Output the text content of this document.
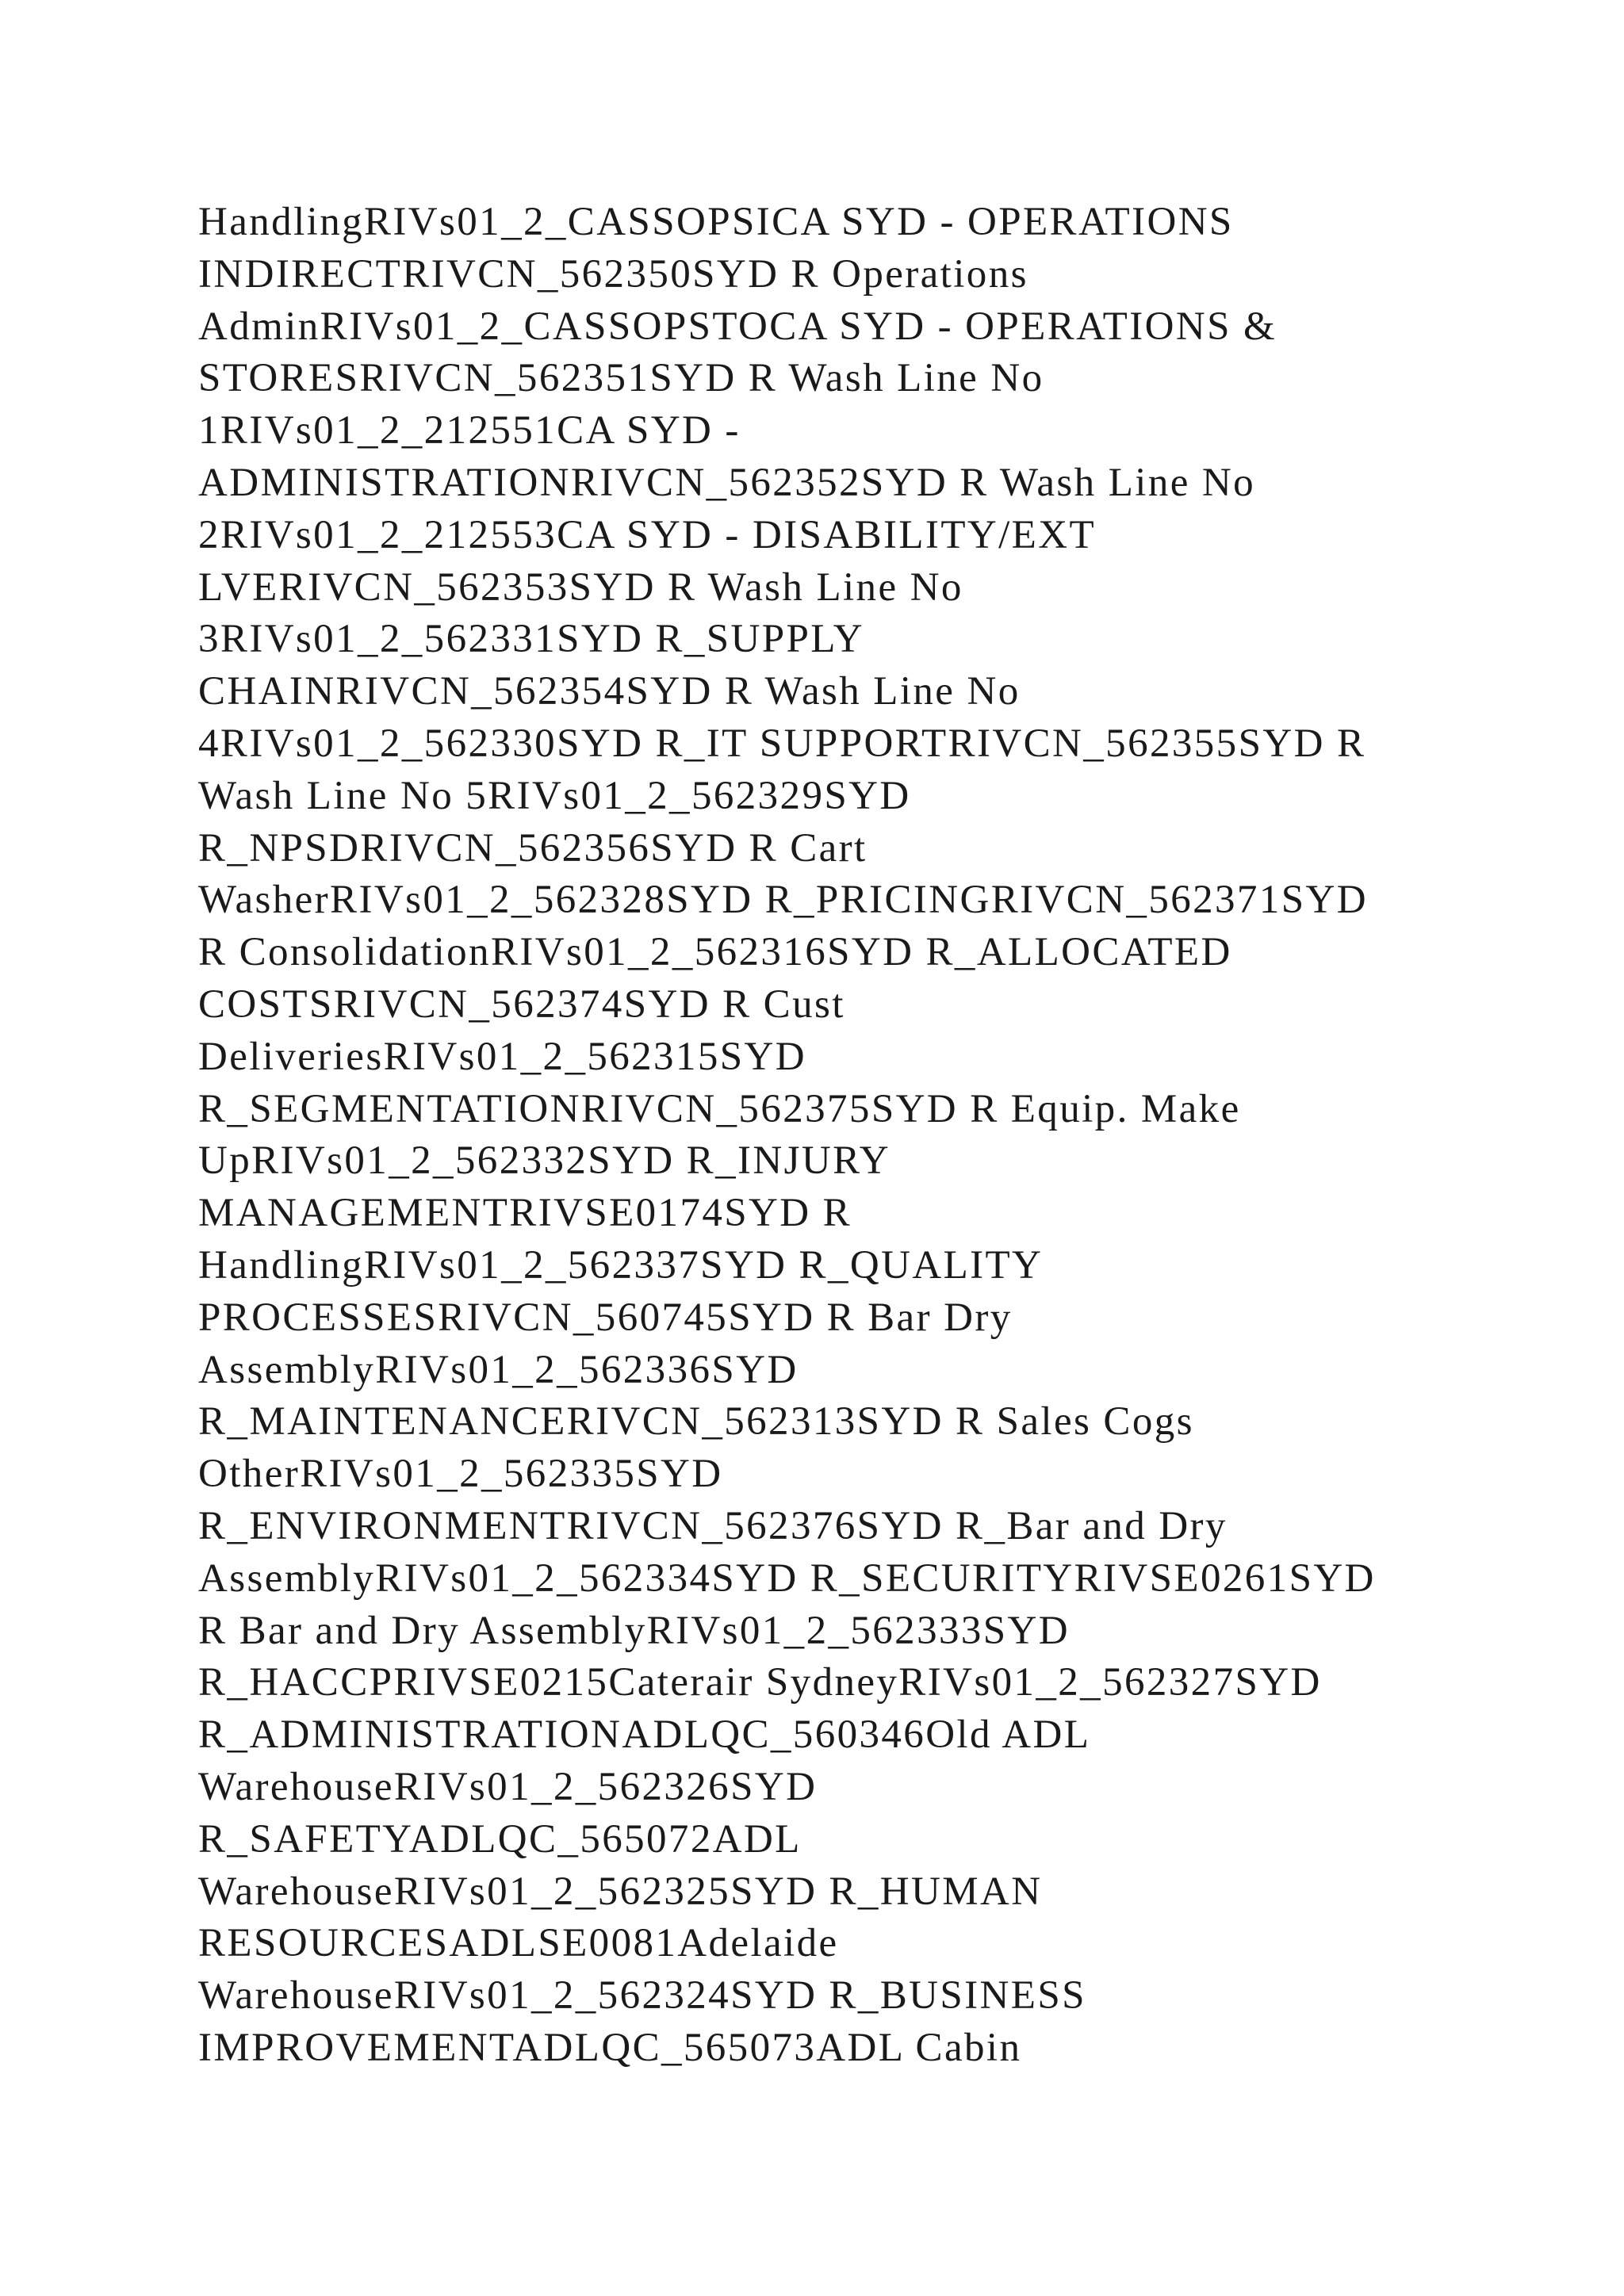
HandlingRIVs01_2_CASSOPSICA SYD - OPERATIONS
INDIRECTRIVCN_562350SYD R Operations
AdminRIVs01_2_CASSOPSTOCA SYD - OPERATIONS &
STORESRIVCN_562351SYD R Wash Line No
1RIVs01_2_212551CA SYD -
ADMINISTRATIONRIVCN_562352SYD R Wash Line No
2RIVs01_2_212553CA SYD - DISABILITY/EXT
LVERIVCN_562353SYD R Wash Line No
3RIVs01_2_562331SYD R_SUPPLY
CHAINRIVCN_562354SYD R Wash Line No
4RIVs01_2_562330SYD R_IT SUPPORTRIVCN_562355SYD R
Wash Line No 5RIVs01_2_562329SYD
R_NPSDRIVCN_562356SYD R Cart
WasherRIVs01_2_562328SYD R_PRICINGRIVCN_562371SYD
R ConsolidationRIVs01_2_562316SYD R_ALLOCATED
COSTSRIVCN_562374SYD R Cust
DeliveriesRIVs01_2_562315SYD
R_SEGMENTATIONRIVCN_562375SYD R Equip. Make
UpRIVs01_2_562332SYD R_INJURY
MANAGEMENTRIVSE0174SYD R
HandlingRIVs01_2_562337SYD R_QUALITY
PROCESSESRIVCN_560745SYD R Bar Dry
AssemblyRIVs01_2_562336SYD
R_MAINTENANCERIVCN_562313SYD R Sales Cogs
OtherRIVs01_2_562335SYD
R_ENVIRONMENTRIVCN_562376SYD R_Bar and Dry
AssemblyRIVs01_2_562334SYD R_SECURITYRIVSE0261SYD
R Bar and Dry AssemblyRIVs01_2_562333SYD
R_HACCPRIVSE0215Caterair SydneyRIVs01_2_562327SYD
R_ADMINISTRATIONADLQC_560346Old ADL
WarehouseRIVs01_2_562326SYD
R_SAFETYADLQC_565072ADL
WarehouseRIVs01_2_562325SYD R_HUMAN
RESOURCESADLSE0081Adelaide
WarehouseRIVs01_2_562324SYD R_BUSINESS
IMPROVEMENTADLQC_565073ADL Cabin
